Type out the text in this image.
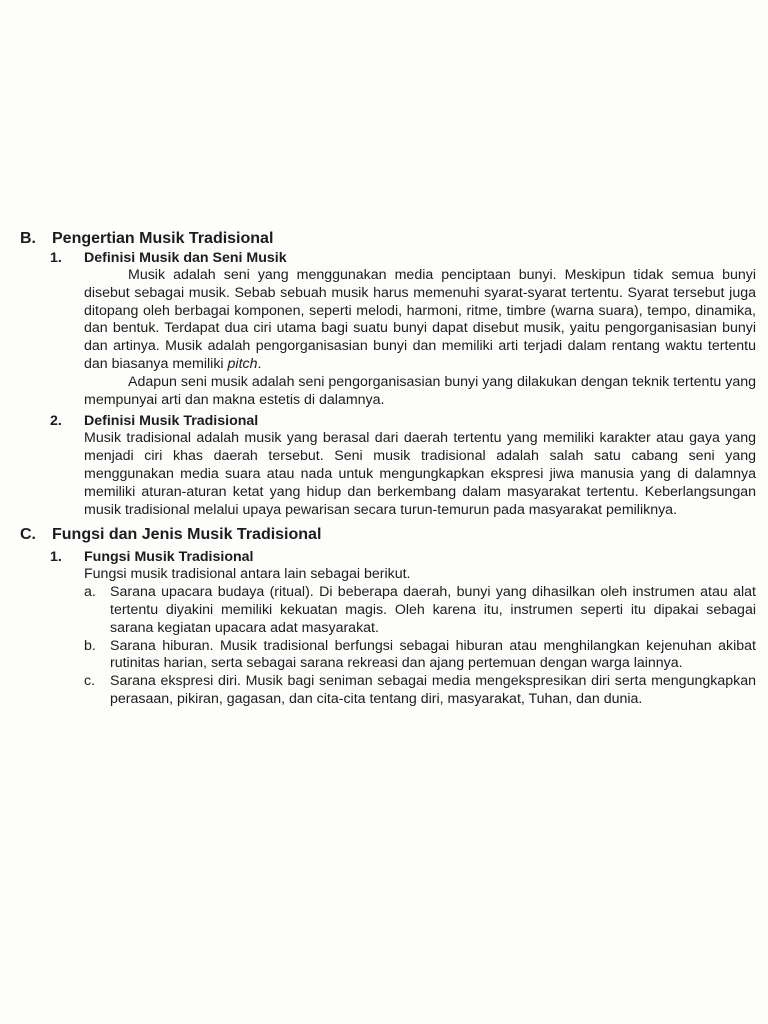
B. Pengertian Musik Tradisional
1. Definisi Musik dan Seni Musik

Musik adalah seni yang menggunakan media penciptaan bunyi. Meskipun tidak semua bunyi disebut sebagai musik. Sebab sebuah musik harus memenuhi syarat-syarat tertentu. Syarat tersebut juga ditopang oleh berbagai komponen, seperti melodi, harmoni, ritme, timbre (warna suara), tempo, dinamika, dan bentuk. Terdapat dua ciri utama bagi suatu bunyi dapat disebut musik, yaitu pengorganisasian bunyi dan artinya. Musik adalah pengorganisasian bunyi dan memiliki arti terjadi dalam rentang waktu tertentu dan biasanya memiliki pitch.

Adapun seni musik adalah seni pengorganisasian bunyi yang dilakukan dengan teknik tertentu yang mempunyai arti dan makna estetis di dalamnya.

2. Definisi Musik Tradisional

Musik tradisional adalah musik yang berasal dari daerah tertentu yang memiliki karakter atau gaya yang menjadi ciri khas daerah tersebut. Seni musik tradisional adalah salah satu cabang seni yang menggunakan media suara atau nada untuk mengungkapkan ekspresi jiwa manusia yang di dalamnya memiliki aturan-aturan ketat yang hidup dan berkembang dalam masyarakat tertentu. Keberlangsungan musik tradisional melalui upaya pewarisan secara turun-temurun pada masyarakat pemiliknya.

C. Fungsi dan Jenis Musik Tradisional
1. Fungsi Musik Tradisional

Fungsi musik tradisional antara lain sebagai berikut.

a. Sarana upacara budaya (ritual). Di beberapa daerah, bunyi yang dihasilkan oleh instrumen atau alat tertentu diyakini memiliki kekuatan magis. Oleh karena itu, instrumen seperti itu dipakai sebagai sarana kegiatan upacara adat masyarakat.
b. Sarana hiburan. Musik tradisional berfungsi sebagai hiburan atau menghilangkan kejenuhan akibat rutinitas harian, serta sebagai sarana rekreasi dan ajang pertemuan dengan warga lainnya.
c. Sarana ekspresi diri. Musik bagi seniman sebagai media mengekspresikan diri serta mengungkapkan perasaan, pikiran, gagasan, dan cita-cita tentang diri, masyarakat, Tuhan, dan dunia.
